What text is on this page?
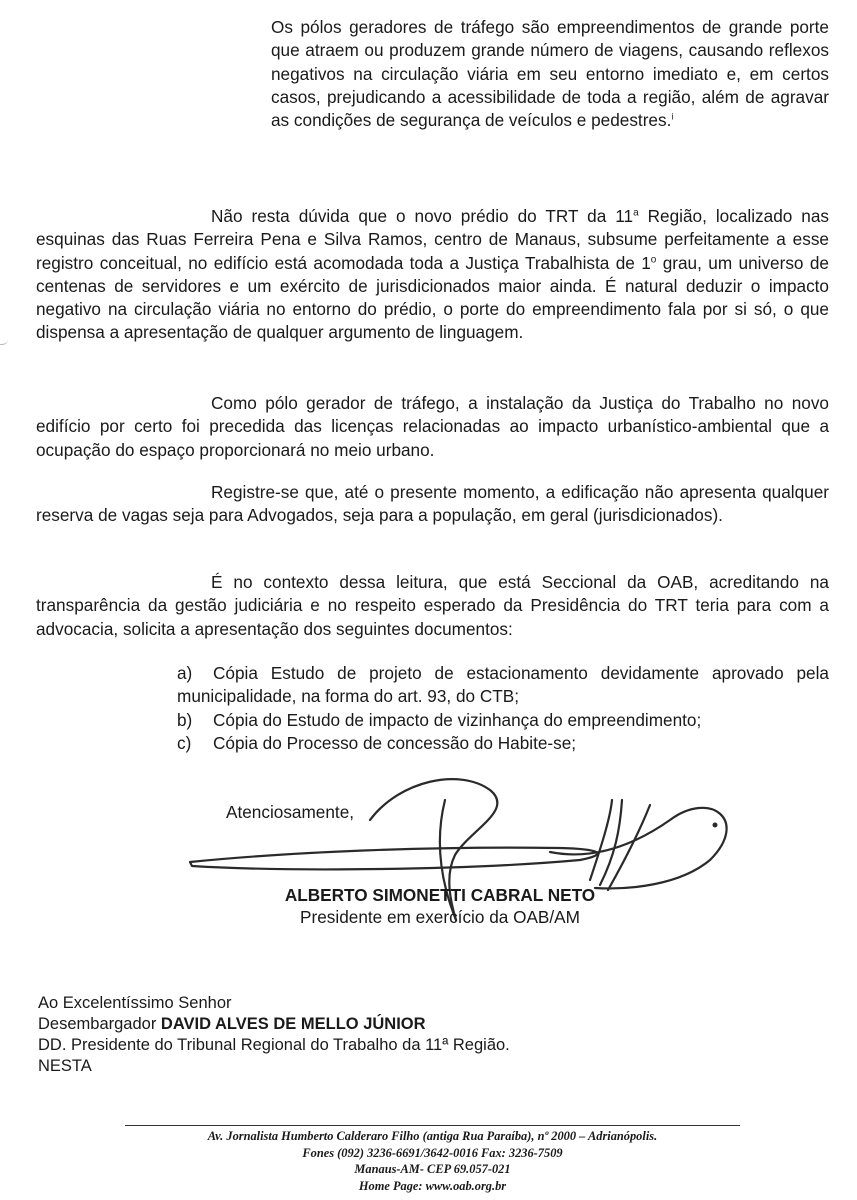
Os pólos geradores de tráfego são empreendimentos de grande porte que atraem ou produzem grande número de viagens, causando reflexos negativos na circulação viária em seu entorno imediato e, em certos casos, prejudicando a acessibilidade de toda a região, além de agravar as condições de segurança de veículos e pedestres.$^i$
Não resta dúvida que o novo prédio do TRT da 11$^a$ Região, localizado nas esquinas das Ruas Ferreira Pena e Silva Ramos, centro de Manaus, subsume perfeitamente a esse registro conceitual, no edifício está acomodada toda a Justiça Trabalhista de 1$^o$ grau, um universo de centenas de servidores e um exército de jurisdicionados maior ainda. É natural deduzir o impacto negativo na circulação viária no entorno do prédio, o porte do empreendimento fala por si só, o que dispensa a apresentação de qualquer argumento de linguagem.
Como pólo gerador de tráfego, a instalação da Justiça do Trabalho no novo edifício por certo foi precedida das licenças relacionadas ao impacto urbanístico-ambiental que a ocupação do espaço proporcionará no meio urbano.
Registre-se que, até o presente momento, a edificação não apresenta qualquer reserva de vagas seja para Advogados, seja para a população, em geral (jurisdicionados).
É no contexto dessa leitura, que está Seccional da OAB, acreditando na transparência da gestão judiciária e no respeito esperado da Presidência do TRT teria para com a advocacia, solicita a apresentação dos seguintes documentos:
a) Cópia Estudo de projeto de estacionamento devidamente aprovado pela municipalidade, na forma do art. 93, do CTB;
b) Cópia do Estudo de impacto de vizinhança do empreendimento;
c) Cópia do Processo de concessão do Habite-se;
Atenciosamente,
ALBERTO SIMONETTI CABRAL NETO
Presidente em exercício da OAB/AM
Ao Excelentíssimo Senhor
Desembargador DAVID ALVES DE MELLO JÚNIOR
DD. Presidente do Tribunal Regional do Trabalho da 11ª Região.
NESTA
Av. Jornalista Humberto Calderaro Filho (antiga Rua Paraíba), nº 2000 – Adrianópolis.
Fones (092) 3236-6691/3642-0016 Fax: 3236-7509
Manaus-AM- CEP 69.057-021
Home Page: www.oab.org.br
